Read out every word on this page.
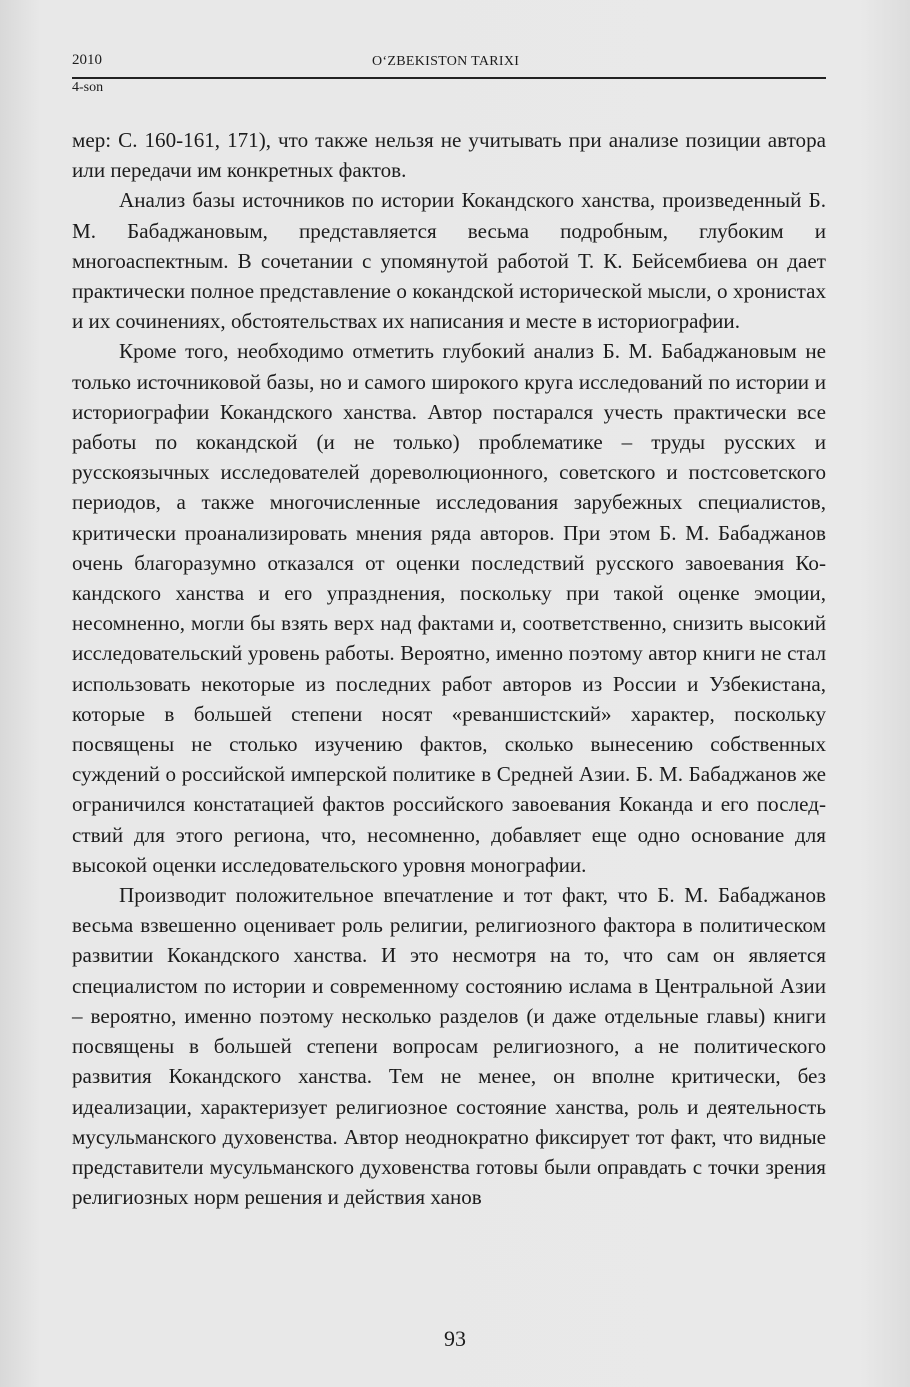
2010	O‘ZBEKISTON TARIXI
4-son

мер: С. 160-161, 171), что также нельзя не учитывать при анализе позиции автора или передачи им конкретных фактов.

Анализ базы источников по истории Кокандского ханства, произведенный Б. М. Бабаджановым, представляется весьма подробным, глубоким и многоаспектным. В сочетании с упомянутой работой Т. К. Бейсембиева он дает практически полное представление о кокандской исторической мысли, о хронистах и их сочинениях, обстоятельствах их написания и месте в историографии.

Кроме того, необходимо отметить глубокий анализ Б. М. Бабаджановым не только источниковой базы, но и самого широкого круга исследований по истории и историографии Кокандского ханства. Автор постарался учесть практически все работы по кокандской (и не только) проблематике – труды русских и русскоязычных исследователей дореволюционного, советского и постсоветского периодов, а также многочисленные исследования зарубежных специалистов, критически проанализировать мнения ряда авторов. При этом Б. М. Бабаджанов очень благоразумно отказался от оценки последствий русского завоевания Кокандского ханства и его упразднения, поскольку при такой оценке эмоции, несомненно, могли бы взять верх над фактами и, соответственно, снизить высокий исследовательский уровень работы. Вероятно, именно поэтому автор книги не стал использовать некоторые из последних работ авторов из России и Узбекистана, которые в большей степени носят «реваншистский» характер, поскольку посвящены не столько изучению фактов, сколько вынесению собственных суждений о российской имперской политике в Средней Азии. Б. М. Бабаджанов же ограничился констатацией фактов российского завоевания Коканда и его последствий для этого региона, что, несомненно, добавляет еще одно основание для высокой оценки исследовательского уровня монографии.

Производит положительное впечатление и тот факт, что Б. М. Бабаджанов весьма взвешенно оценивает роль религии, религиозного фактора в политическом развитии Кокандского ханства. И это несмотря на то, что сам он является специалистом по истории и современному состоянию ислама в Центральной Азии – вероятно, именно поэтому несколько разделов (и даже отдельные главы) книги посвящены в большей степени вопросам религиозного, а не политического развития Кокандского ханства. Тем не менее, он вполне критически, без идеализации, характеризует религиозное состояние ханства, роль и деятельность мусульманского духовенства. Автор неоднократно фиксирует тот факт, что видные представители мусульманского духовенства готовы были оправдать с точки зрения религиозных норм решения и действия ханов

93
